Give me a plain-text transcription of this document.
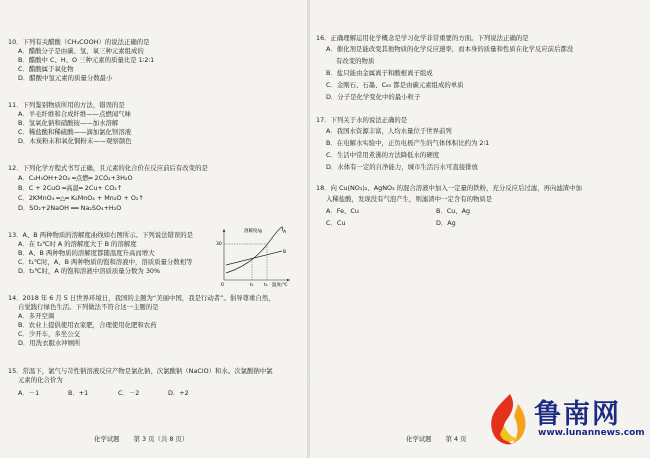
10．下列有关醋酸（CH₃COOH）的说法正确的是
A．醋酸分子是由碳、氢、氧三种元素组成的
B．醋酸中 C、H、O 三种元素的质量比是 1∶2∶1
C．醋酸属于氧化物
D．醋酸中氢元素的质量分数最小
11．下列鉴别物质所用的方法，错误的是
A．羊毛纤维和合成纤维——点燃闻气味
B．氢氧化钠和硝酸铵——加水溶解
C．稀盐酸和稀硫酸——滴加氯化钡溶液
D．木炭粉末和氧化铜粉末——观察颜色
12．下列化学方程式书写正确，且元素的化合价在反应前后有改变的是
A．C₂H₅OH+2O₂ ═点燃═ 2CO₂+3H₂O
B．C + 2CuO ═高温═ 2Cu+ CO₂↑
C．2KMnO₄ ═△═ K₂MnO₄ + Mn₂O + O₂↑
D．SO₂+2NaOH ══ Na₂SO₄+H₂O
13．A、B 两种物质的溶解度曲线如右图所示。下列说法错误的是
A．在 t₂℃时 A 的溶解度大于 B 的溶解度
B．A、B 两种物质的溶解度都随温度升高而增大
C．t₁℃时，A、B 两种物质的饱和溶液中，溶质质量分数相等
D．t₂℃时，A 的饱和溶液中溶质质量分数为 30%
14．2018 年 6 月 5 日世界环境日，我国的主题为“美丽中国，我是行动者”。倡导尊重自然，
自觉践行绿色生活。下列做法不符合这一主题的是
A．多开空调
B．农业上提倡使用农家肥，合理使用化肥和农药
C．少开车，多坐公交
D．用洗衣服水冲厕所
15．常温下，氯气与苛性钠溶液反应产物是氯化钠、次氯酸钠（NaClO）和水。次氯酸钠中氯
元素的化合价为
A．－1	B．+1	C．－2	D．+2
化学试题 第 3 页（共 8 页）
溶解度/g
温度/℃
30
0	t₁ t₂
A
B
16．正确理解运用化学概念是学习化学非常重要的方面。下列说法正确的是
A．催化剂是能改变其他物质的化学反应速率，而本身的质量和性质在化学反应前后都没
有改变的物质
B．盐只能由金属离子和酸根离子组成
C．金刚石、石墨、C₆₀ 都是由碳元素组成的单质
D．分子是化学变化中的最小粒子
17．下列关于水的说法正确的是
A．我国水资源丰富，人均水量位于世界前列
B．在电解水实验中，正负电极产生的气体体积比约为 2∶1
C．生活中常用煮沸的方法降低水的硬度
D．水体有一定的自净能力，城市生活污水可直接排放
18．向 Cu(NO₃)₂、AgNO₃ 的混合溶液中加入一定量的铁粉，充分反应后过滤，再向滤渣中加
入稀盐酸，发现没有气泡产生，则滤渣中一定含有的物质是
A．Fe、Cu	B．Cu、Ag
C．Cu	D．Ag
化学试题 第 4 页
鲁南网
www.lunannews.com
